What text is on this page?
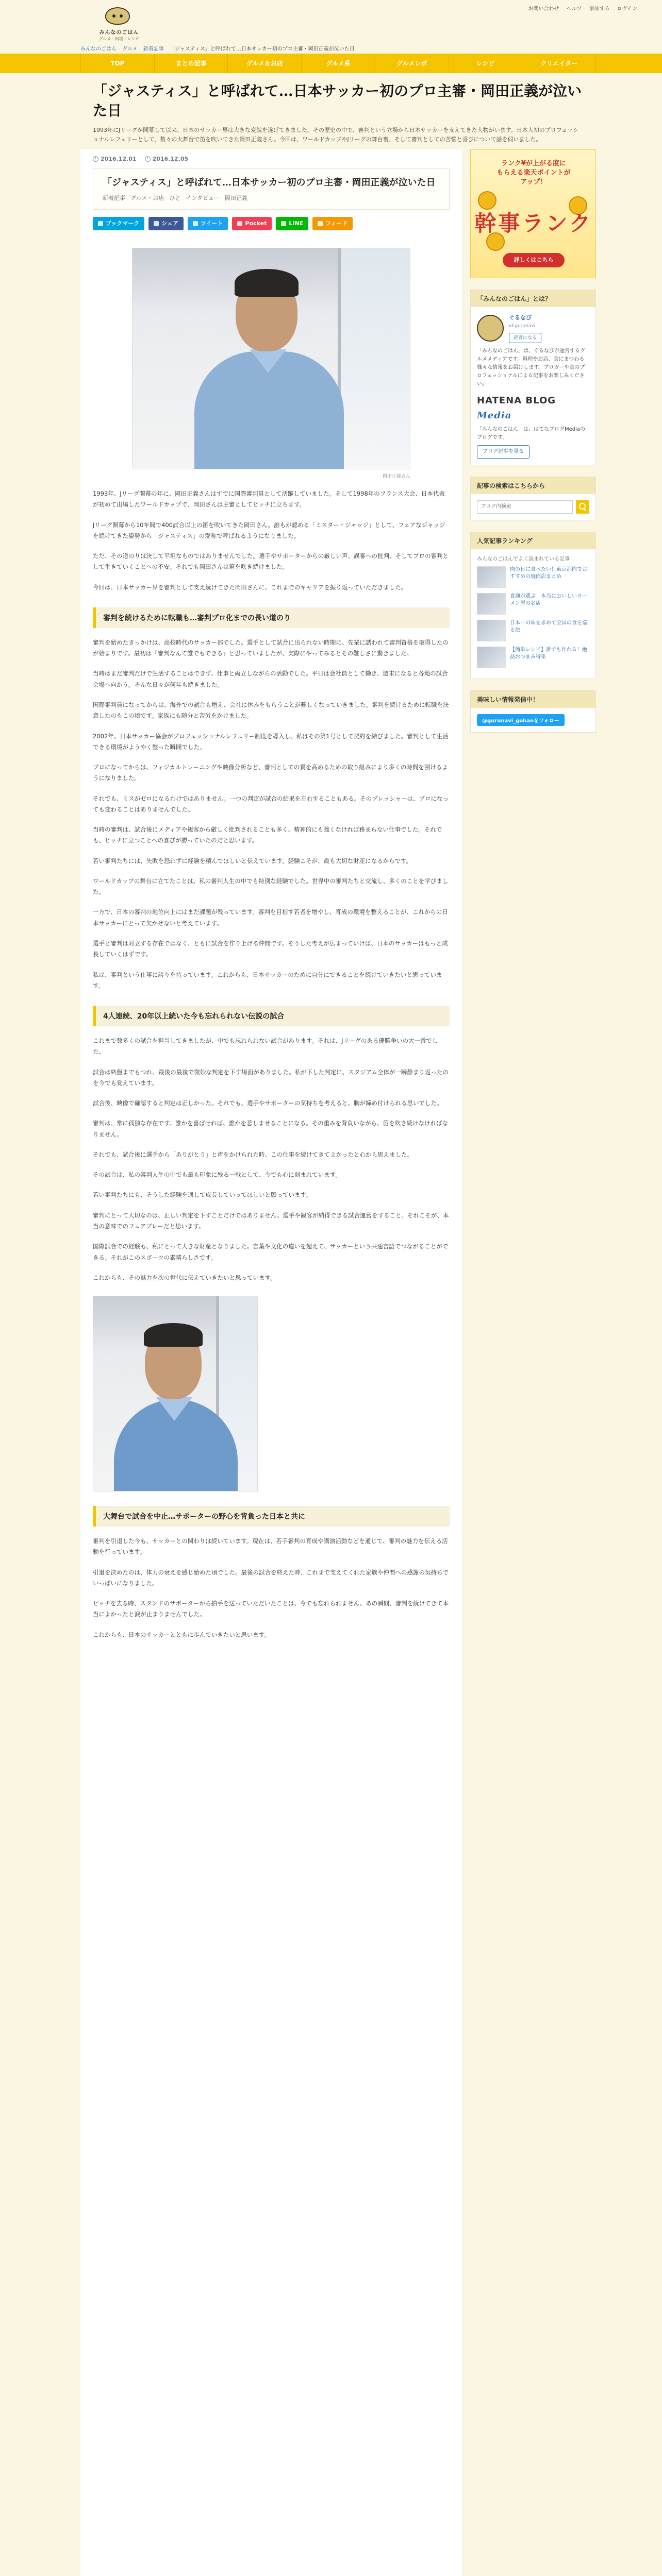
みんなのごはん
グルメ・料理・レシピ
お問い合わせ ヘルプ 参加する ログイン
みんなのごはん グルメ 新着記事 「ジャスティス」と呼ばれて…日本サッカー初のプロ主審・岡田正義が泣いた日
TOP	まとめ記事	グルメ＆お店	グルメ系	グルメレポ	レシピ	クリエイター
「ジャスティス」と呼ばれて…日本サッカー初のプロ主審・岡田正義が泣いた日

1993年にJリーグが開幕して以来、日本のサッカー界は大きな変貌を遂げてきました。その歴史の中で、審判という立場から日本サッカーを支えてきた人物がいます。日本人初のプロフェッショナルレフェリーとして、数々の大舞台で笛を吹いてきた岡田正義さん。今回は、ワールドカップやJリーグの舞台裏、そして審判としての苦悩と喜びについて話を伺いました。

2016.12.01	2016.12.05
「ジャスティス」と呼ばれて…日本サッカー初のプロ主審・岡田正義が泣いた日
新着記事 グルメ・お店 ひと インタビュー 岡田正義
ブックマーク	シェア	ツイート	Pocket	LINE	フィード
岡田正義さん

1993年、Jリーグ開幕の年に、岡田正義さんはすでに国際審判員として活躍していました。そして1998年のフランス大会、日本代表が初めて出場したワールドカップで、岡田さんは主審としてピッチに立ちます。

Jリーグ開幕から10年間で400試合以上の笛を吹いてきた岡田さん。誰もが認める「ミスター・ジャッジ」として、フェアなジャッジを続けてきた姿勢から「ジャスティス」の愛称で呼ばれるようになりました。

ただ、その道のりは決して平坦なものではありませんでした。選手やサポーターからの厳しい声、誤審への批判、そしてプロの審判として生きていくことへの不安。それでも岡田さんは笛を吹き続けました。

今回は、日本サッカー界を審判として支え続けてきた岡田さんに、これまでのキャリアを振り返っていただきました。

審判を続けるために転職も…審判プロ化までの長い道のり

審判を始めたきっかけは、高校時代のサッカー部でした。選手として試合に出られない時期に、先輩に誘われて審判資格を取得したのが始まりです。最初は「審判なんて誰でもできる」と思っていましたが、実際にやってみるとその難しさに驚きました。

当時はまだ審判だけで生活することはできず、仕事と両立しながらの活動でした。平日は会社員として働き、週末になると各地の試合会場へ向かう。そんな日々が何年も続きました。

国際審判員になってからは、海外での試合も増え、会社に休みをもらうことが難しくなっていきました。審判を続けるために転職を決意したのもこの頃です。家族にも随分と苦労をかけました。

2002年、日本サッカー協会がプロフェッショナルレフェリー制度を導入し、私はその第1号として契約を結びました。審判として生活できる環境がようやく整った瞬間でした。

プロになってからは、フィジカルトレーニングや映像分析など、審判としての質を高めるための取り組みにより多くの時間を割けるようになりました。

それでも、ミスがゼロになるわけではありません。一つの判定が試合の結果を左右することもある。そのプレッシャーは、プロになっても変わることはありませんでした。

当時の審判は、試合後にメディアや観客から厳しく批判されることも多く、精神的にも強くなければ務まらない仕事でした。それでも、ピッチに立つことへの喜びが勝っていたのだと思います。

若い審判たちには、失敗を恐れずに経験を積んでほしいと伝えています。経験こそが、最も大切な財産になるからです。

ワールドカップの舞台に立てたことは、私の審判人生の中でも特別な経験でした。世界中の審判たちと交流し、多くのことを学びました。

一方で、日本の審判の地位向上にはまだ課題が残っています。審判を目指す若者を増やし、育成の環境を整えることが、これからの日本サッカーにとって欠かせないと考えています。

選手と審判は対立する存在ではなく、ともに試合を作り上げる仲間です。そうした考えが広まっていけば、日本のサッカーはもっと成長していくはずです。

私は、審判という仕事に誇りを持っています。これからも、日本サッカーのために自分にできることを続けていきたいと思っています。

4人連続、20年以上続いた今も忘れられない伝説の試合

これまで数多くの試合を担当してきましたが、中でも忘れられない試合があります。それは、Jリーグのある優勝争いの大一番でした。

試合は終盤までもつれ、最後の最後で微妙な判定を下す場面がありました。私が下した判定に、スタジアム全体が一瞬静まり返ったのを今でも覚えています。

試合後、映像で確認すると判定は正しかった。それでも、選手やサポーターの気持ちを考えると、胸が締め付けられる思いでした。

審判は、常に孤独な存在です。誰かを喜ばせれば、誰かを悲しませることになる。その重みを背負いながら、笛を吹き続けなければなりません。

それでも、試合後に選手から「ありがとう」と声をかけられた時、この仕事を続けてきてよかったと心から思えました。

その試合は、私の審判人生の中でも最も印象に残る一戦として、今でも心に刻まれています。

若い審判たちにも、そうした経験を通して成長していってほしいと願っています。

審判にとって大切なのは、正しい判定を下すことだけではありません。選手や観客が納得できる試合運営をすること。それこそが、本当の意味でのフェアプレーだと思います。

国際試合での経験も、私にとって大きな財産となりました。言葉や文化の違いを超えて、サッカーという共通言語でつながることができる。それがこのスポーツの素晴らしさです。

これからも、その魅力を次の世代に伝えていきたいと思っています。

大舞台で試合を中止…サポーターの野心を背負った日本と共に

審判を引退した今も、サッカーとの関わりは続いています。現在は、若手審判の育成や講演活動などを通じて、審判の魅力を伝える活動を行っています。

引退を決めたのは、体力の衰えを感じ始めた頃でした。最後の試合を終えた時、これまで支えてくれた家族や仲間への感謝の気持ちでいっぱいになりました。

ピッチを去る時、スタンドのサポーターから拍手を送っていただいたことは、今でも忘れられません。あの瞬間、審判を続けてきて本当によかったと涙が止まりませんでした。

これからも、日本のサッカーとともに歩んでいきたいと思います。

ランク¥が上がる度に
もらえる楽天ポイントが
アップ！
幹事ランク
詳しくはこちら
「みんなのごはん」とは？
ぐるなび
id:gurunavi
読者になる

「みんなのごはん」は、ぐるなびが運営するグルメメディアです。料理やお店、食にまつわる様々な情報をお届けします。ブロガーや食のプロフェッショナルによる記事をお楽しみください。

HATENA BLOG Media

「みんなのごはん」は、はてなブログMediaのブログです。

ブログ記事を見る
記事の検索はこちらから
ブログ内検索
人気記事ランキング
みんなのごはんでよく読まれている記事
肉の日に食べたい！東京都内でおすすめの焼肉店まとめ
食通が選ぶ！本当においしいラーメン屋の名店
日本一の味を求めて全国の食を巡る旅
【簡単レシピ】誰でも作れる！絶品おつまみ特集
美味しい情報発信中！
@gurunavi_gohanをフォロー
